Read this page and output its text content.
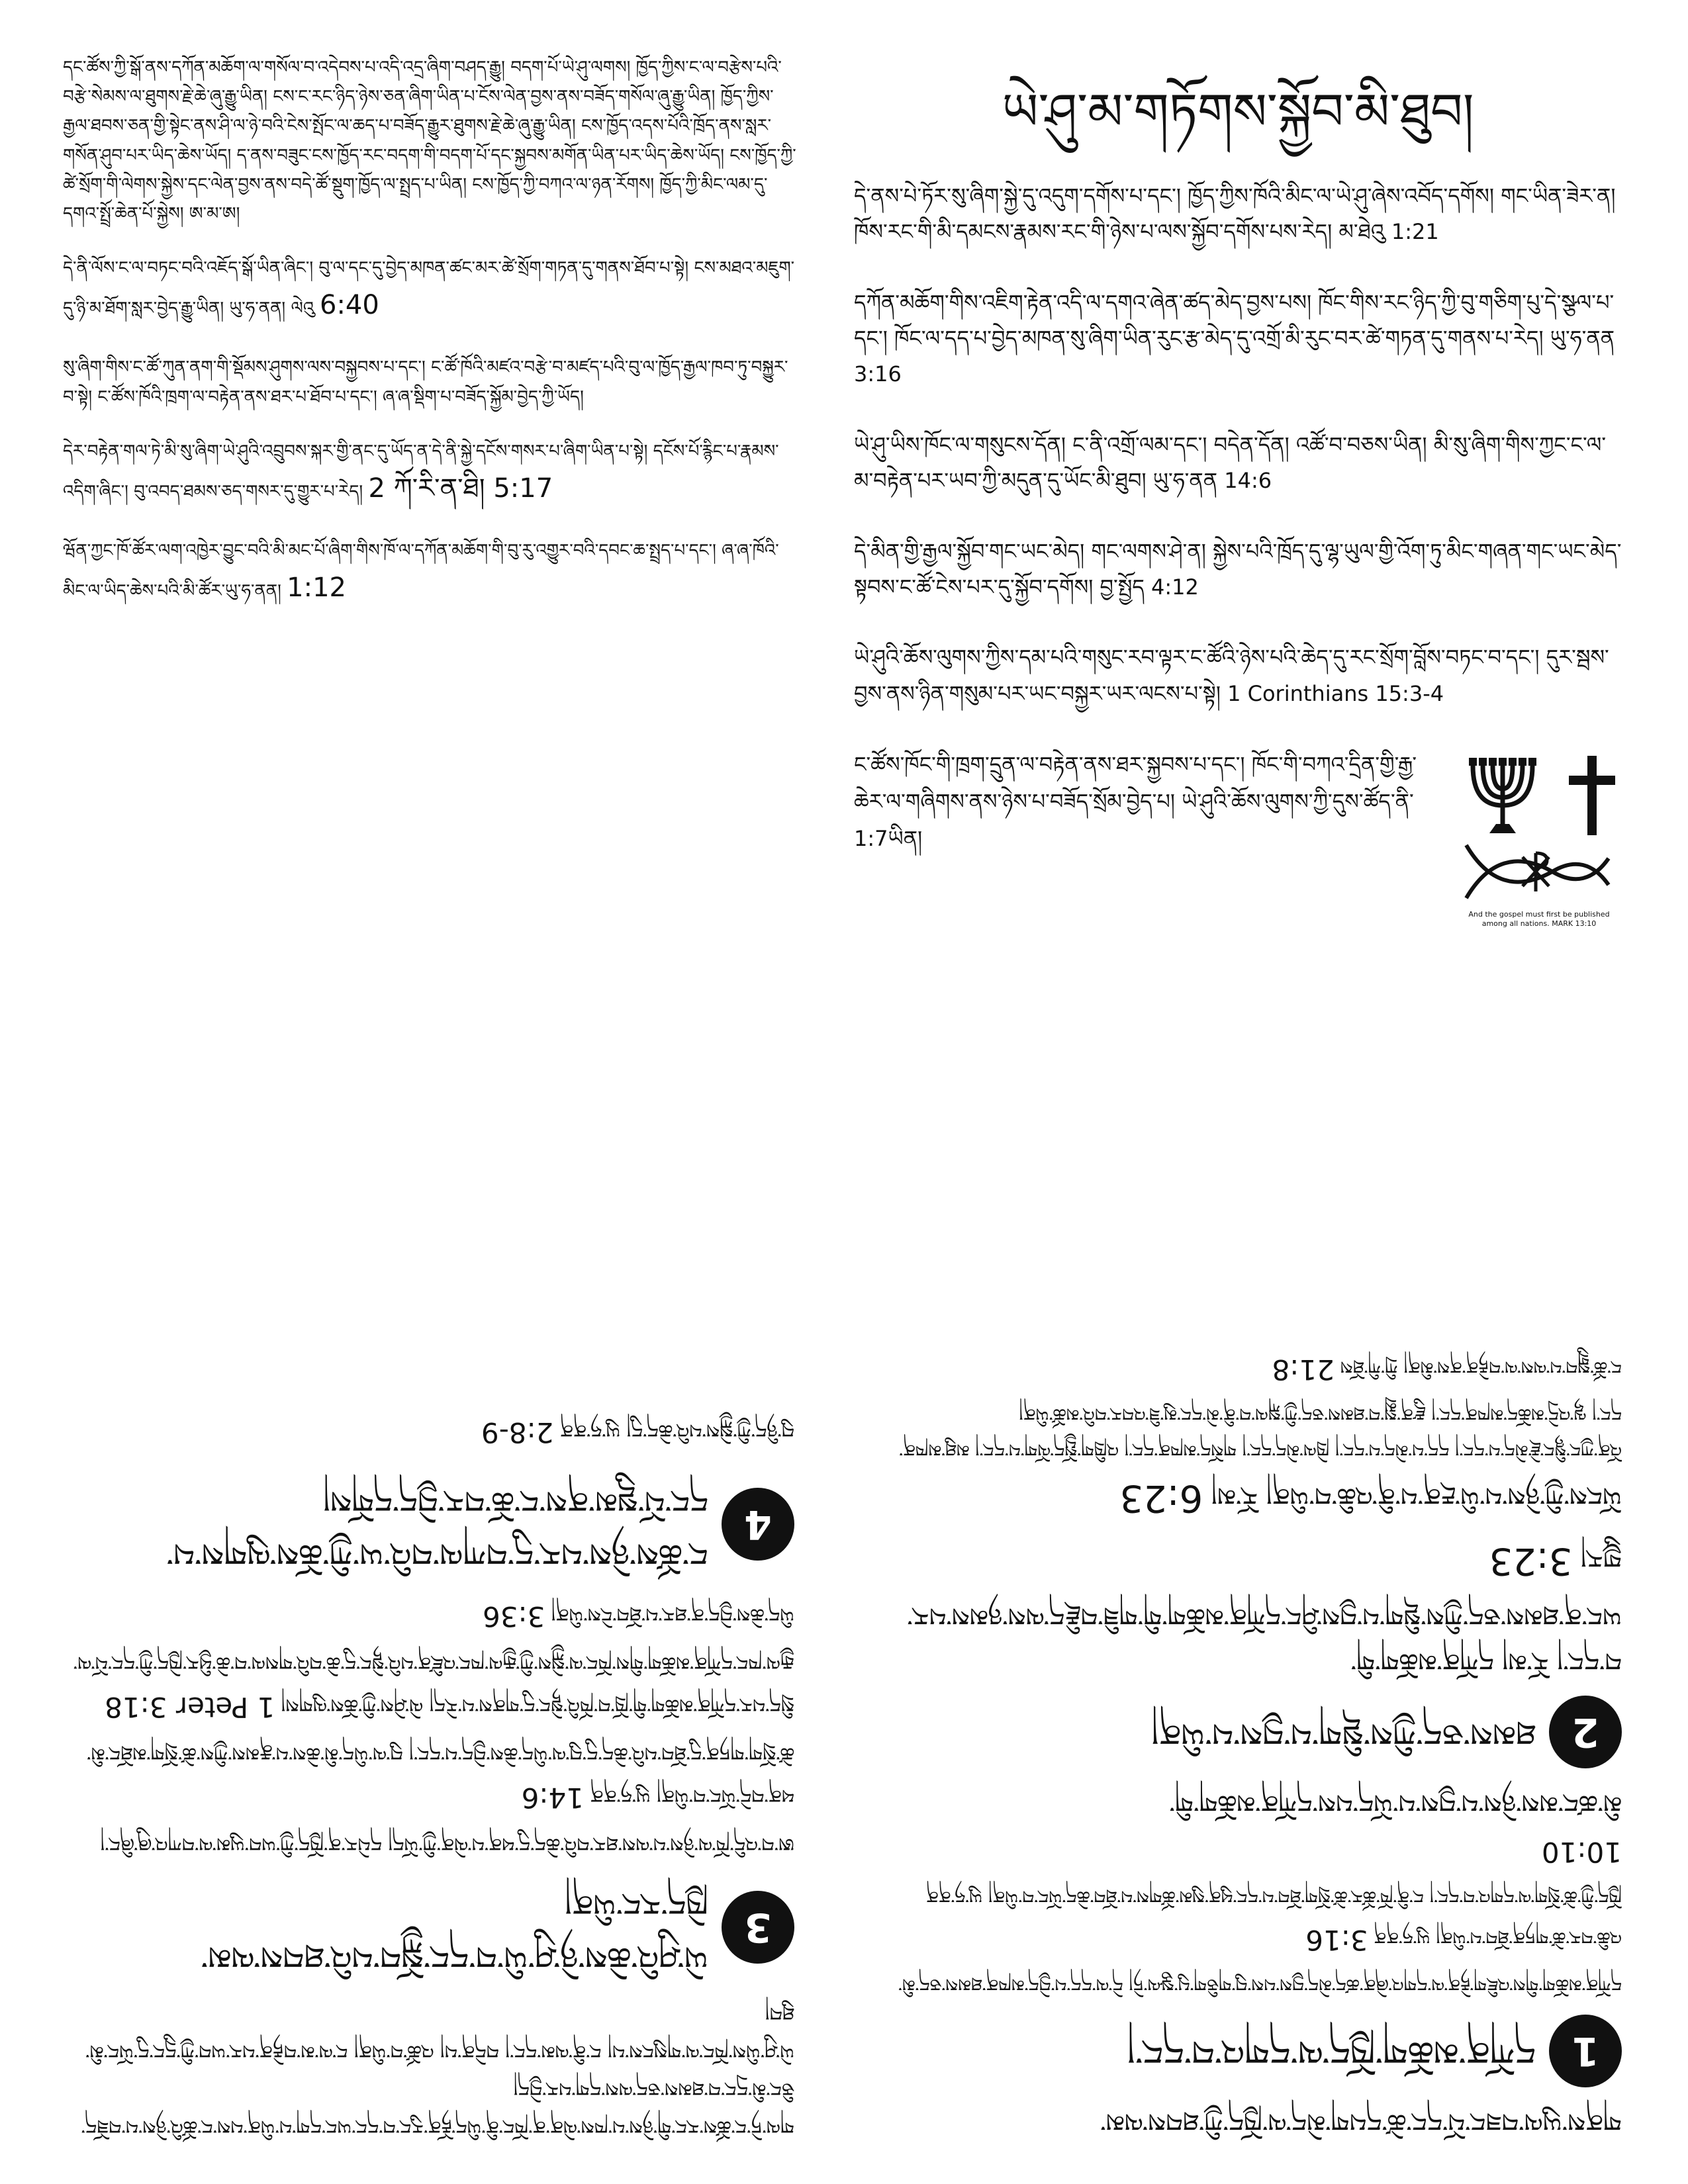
དང་ཚོས་ཀྱི་སྒོ་ནས་དཀོན་མཆོག་ལ་གསོལ་བ་འདེབས་པ་འདི་འདྲ་ཞིག་བཤད་རྒྱུ། བདག་པོ་ཡེ་ཤུ་ལགས། ཁྱོད་ཀྱིས་ང་ལ་བརྩེས་པའི་བརྩེ་སེམས་ལ་ཐུགས་རྗེ་ཆེ་ཞུ་རྒྱུ་ཡིན། ངས་ང་རང་ཉིད་ཉེས་ཅན་ཞིག་ཡིན་པ་ངོས་ལེན་བྱས་ནས་བཟོད་གསོལ་ཞུ་རྒྱུ་ཡིན། ཁྱོད་ཀྱིས་རྒྱལ་ཐབས་ཅན་གྱི་སྟེང་ནས་ཤི་ལ་ཉེ་བའི་ངེས་སྤོང་ལ་ཆད་པ་བཟོད་རྒྱུར་ཐུགས་རྗེ་ཆེ་ཞུ་རྒྱུ་ཡིན། ངས་ཁྱོད་འདས་པོའི་ཁྲོད་ནས་སླར་གསོན་ཤུབ་པར་ཡིད་ཆེས་ཡོད། ད་ནས་བཟུང་ངས་ཁྱོད་རང་བདག་གི་བདག་པོ་དང་སྐྱབས་མགོན་ཡིན་པར་ཡིད་ཆེས་ཡོད། ངས་ཁྱོད་ཀྱི་ཚེ་སྲོག་གི་ལེགས་སྐྱེས་དང་ལེན་བྱས་ནས་བདེ་ཚོ་སྡུག་ཁྱོད་ལ་སྤྲད་པ་ཡིན། ངས་ཁྱོད་ཀྱི་བཀའ་ལ་ཉན་རོགས། ཁྱོད་ཀྱི་མིང་ལམ་དུ་དགའ་སྤྲོ་ཆེན་པོ་སྐྱེས། ཨ་མ་ཨ།

དེ་ནི་ལོས་ང་ལ་བཏང་བའི་འཇོད་སྒོ་ཡིན་ཞིང་། བུ་ལ་དང་དུ་བྱེད་མཁན་ཚང་མར་ཚེ་སྲོག་གཏན་དུ་གནས་ཐོབ་པ་སྟེ། ངས་མཐའ་མཇུག་དུ་ཉི་མ་ཐོག་སླར་བྱེད་རྒྱུ་ཡིན། ཡུ་ཧ་ནན། ལེའུ 6:40

སུ་ཞིག་གིས་ང་ཚོ་ཀུན་ནག་གི་སྡོམས་ཤུགས་ལས་བསྐྱབས་པ་དང་། ང་ཚོ་ཁོའི་མཛའ་བརྩེ་བ་མཛད་པའི་བུ་ལ་ཁྱོད་རྒྱལ་ཁབ་ཏུ་བསྐྱུར་བ་སྟེ། ང་ཚོས་ཁོའི་ཁྲག་ལ་བརྟེན་ནས་ཐར་པ་ཐོབ་པ་དང་། ཞ་ཞ་སྡིག་པ་བཟོད་སྐྱོམ་བྱེད་ཀྱི་ཡོད།

དེར་བརྟེན་གལ་ཏེ་མི་སུ་ཞིག་ཡེ་ཤུའི་འབྲུབས་སྐར་གྱི་ནང་དུ་ཡོད་ན་དེ་ནི་སྐྱེ་དངོས་གསར་པ་ཞིག་ཡིན་པ་སྟེ། དངོས་པོ་རྙིང་པ་རྣམས་འདིག་ཞིང་། བུ་འབད་ཐམས་ཅད་གསར་དུ་གྱུར་པ་རེད། 2 ཀོ་རི་ན་ཐི། 5:17

ཝོན་ཀྱང་ཁོ་ཚོར་ལག་འཁྱེར་བྱུང་བའི་མི་མང་པོ་ཞིག་གིས་ཁོ་ལ་དཀོན་མཆོག་གི་བུ་རུ་འགྱུར་བའི་དབང་ཆ་སྤྲད་པ་དང་། ཞ་ཞ་ཁོའི་མིང་ལ་ཡིད་ཆེས་པའི་མི་ཚོར་ཡུ་ཧ་ནན། 1:12

ཡེ་ཤུ་མ་གཏོགས་སྐྱོབ་མི་ཐུབ།

དེ་ནས་པེ་ཏོར་སུ་ཞིག་སྐྱེ་དུ་འདུག་དགོས་པ་དང་། ཁྱོད་ཀྱིས་ཁོའི་མིང་ལ་ཡེ་ཤུ་ཞེས་འབོད་དགོས། གང་ཡིན་ཟེར་ན། ཁོས་རང་གི་མི་དམངས་རྣམས་རང་གི་ཉེས་པ་ལས་སྐྱོབ་དགོས་པས་རེད། མ་ཐེའུ 1:21

དཀོན་མཆོག་གིས་འཇིག་རྟེན་འདི་ལ་དགའ་ཞེན་ཚད་མེད་བྱས་པས། ཁོང་གིས་རང་ཉིད་ཀྱི་བུ་གཅིག་པུ་དེ་སྩལ་པ་དང་། ཁོང་ལ་དད་པ་བྱེད་མཁན་སུ་ཞིག་ཡིན་རུང་རྩ་མེད་དུ་འགྲོ་མི་རུང་བར་ཚེ་གཏན་དུ་གནས་པ་རེད། ཡུ་ཧ་ནན 3:16

ཡེ་ཤུ་ཡིས་ཁོང་ལ་གསུངས་དོན། ང་ནི་འགྲོ་ལམ་དང་། བདེན་དོན། འཚོ་བ་བཅས་ཡིན། མི་སུ་ཞིག་གིས་ཀྱང་ང་ལ་མ་བརྟེན་པར་ཡབ་ཀྱི་མདུན་དུ་ཡོང་མི་ཐུབ། ཡུ་ཧ་ནན 14:6

དེ་མིན་གྱི་རྒྱལ་སྐྱོབ་གང་ཡང་མེད། གང་ལགས་ཤེ་ན། སྐྱེས་པའི་ཁྲོད་དུ་ལྷ་ཡུལ་གྱི་འོག་ཏུ་མིང་གཞན་གང་ཡང་མེད་སྟབས་ང་ཚོ་ངེས་པར་དུ་སྐྱོབ་དགོས། བྱ་སྤྱོད 4:12

ཡེ་ཤུའི་ཆོས་ལུགས་ཀྱིས་དམ་པའི་གསུང་རབ་ལྟར་ང་ཚོའི་ཉེས་པའི་ཆེད་དུ་རང་སྲོག་བློས་བཏང་བ་དང་། དུར་སྦས་བྱས་ནས་ཉིན་གསུམ་པར་ཡང་བསྐྱར་ཡར་ལངས་པ་སྟེ། 1 Corinthians 15:3-4

ང་ཚོས་ཁོང་གི་ཁྲག་དྲུན་ལ་བརྟེན་ནས་ཐར་སྐྱབས་པ་དང་། ཁོང་གི་བཀའ་དྲིན་གྱི་རྒྱ་ཆེར་ལ་གཞིགས་ནས་ཉེས་པ་བཟོད་སྲོམ་བྱེད་པ། ཡེ་ཤུའི་ཆོས་ལུགས་ཀྱི་དུས་ཚོད་ནི་1:7ཡིན།
And the gospel must first be published among all nations. MARK 13:10

གལ་ཏེ་ང་ཚོས་རང་གི་ཉེས་པ་ཁས་ལེན་ན་ཁོང་ནི་ཡིད་རྟོན་རུང་བ་དང་ཡང་དག་པ་ཡིན་པས་ང་ཚོའི་ཉེས་པ་བཟོད་ཅིང་མི་དྲང་བ་ཐམས་ཅད་ལས་དག་པར་བྱེད།

ཡེ་ཤུ་ཡིས་ཁོང་ལ་གསུངས་པ། ང་ནི་ལམ་དང་། བདེན་པ། འཚོ་བ་ཡིན། ང་ལ་མ་བརྟེན་པར་ཡབ་ཀྱི་དྲུང་དུ་ཡོང་མི་ཐུབ།

3
ཡེ་ཤུའི་ཆེས་ཉེ་ཤུ་ཡི་བ་དང་སྐྱོབ་པའི་ཐབས་ལམ་
ཁྱེད་རང་ཡིན།

ཨ་བ་འདི་ཁོ་ལ་ཉེས་པ་ལས་ཐར་བའི་ཆེད་དུ་ཕན་པ་ལེན་ཀྱི་ཡོད། དཔེར་ན་ཁྱོད་ཀྱི་ཡབ་ཡུམ་ལ་བཀའ་ཞུ་ཞིང་། ཕན་བདེ་ཡོང་བ་ཡིན། ཡུ་ཧ་ནན 14:6

ཚེ་སྲོག་གཏན་དུ་ཐོབ་པའི་ཆེད་དུ་བུ་ལ་ཡིད་ཆེས་བྱེད་པ་དང་། བུ་ལ་ཡིད་མི་ཆེས་པ་རྣམས་ཀྱིས་ཚེ་སྲོག་མཐོང་མི་སྲིད་པར་དཀོན་མཆོག་གི་ཁྲོ་བ་ཁོའི་སྟེང་དུ་གནས་པ་རེད། ལེ་ཤེས་ཀྱི་ཆོས་ལུགས། 1 Peter 3:18

རྒྱལ་ཁང་དཀོན་མཆོག་གིས་ཁོང་ལ་སྐྱེས་ཀྱི་རྒྱལ་ཁང་འཛིན་པའི་སྟེང་དུ་ཆེ་བའི་གསལ་བ་ཆེ་ཕྱིར་ཁྱེད་ཀྱི་དང་པོ་ལ་ཡིད་ཆེས་བྱེད་ན་ཐར་པ་ཐོབ་ངེས་ཡིན། 3:36

4
ང་ཚོས་ཉེས་པར་དུ་བཀལ་བའི་ཡ་ཀྱི་ཆོས་ལུགས་པ་
དང་པོ་སྡུམ་ནས་ང་ཆོ་བར་བྱེད་དགོས།

བུ་ཉིད་ཀྱི་སྐྱེས་པའི་ཆེད་དུ། ཡུ་ཧ་ནན 2:8-9

གནས་ཡུལ་བཟང་པོ་དང་ཚེ་དཔག་མེད་ལ་ཁྱོད་ཀྱི་ཐབས་ལམ་
1
དཀོན་མཆོག་ཁྱོད་ལ་དགའ་བ་དང་།

དཀོན་མཆོག་གིས་འཇིག་རྟེན་ལ་དགའ་ཞེན་ཚད་མེད་བྱས་པས་བུ་གཅིག་པུ་སྩལ་ཏེ། དེ་ལ་དད་པ་བྱེད་མཁན་ཐམས་ཅད་མི་འཆི་བར་ཚེ་གཏན་ཐོབ་པ་ཡིན། ཡུ་ཧ་ནན 3:16

ཁྱོད་ཀྱི་ཚེ་སྲོག་ལ་དགའ་བ་དང་། ང་ནི་ཁོ་ཚོར་ཚེ་སྲོག་ཐོབ་པ་དང་ཕུན་སུམ་ཚོགས་པ་ཐོབ་ཆེད་ཡོང་བ་ཡིན། ཡུ་ཧ་ནན 10:10

མི་ཚང་མས་ཉེས་པ་བྱས་པ་ཡོད་པས་དཀོན་མཆོག་གི་
2
ཐམས་ཅད་ཀྱིས་སྡིག་པ་བྱས་པ་ཡིན།

བ་དང་། རོ་མ། དཀོན་མཆོག་གི་

ཡང་ན་ཐམས་ཅད་ཀྱིས་སྡིག་པ་བྱས་ཤིང་དཀོན་མཆོག་གི་གཟི་བརྗིད་ལས་ཉམས་པར་གྱུར། 3:23

ཡོངས་ཀྱི་ཉེས་པ་ཡི་རྔན་པ་ནི་འཆི་བ་ཡིན། རོ་མ། 6:23

འོན་ཀྱང་སྙིང་རྗེ་མེད་པ་དང་། དད་པ་མེད་པ་དང་། ཁྲེལ་མེད་དང་། གསོད་མཁན་དང་། འཁྲིག་སྤྱོད་ལོག་པ་དང་། མཐུ་མཁན་དང་། ལྷ་འདྲེ་མཆོད་མཁན་དང་། རྫུན་སྨྲ་བ་ཐམས་ཅད་ཀྱི་སྐལ་བ་ནི་མེ་དང་མུ་ཟི་འབར་བའི་མཚོ་ཡིན།

ང་ཚོ་སྒྲུབ་པ་ལས་ལ་བརྟེན་ནས་མིན། ཀྲི་ཀི་ཐོས 21:8
